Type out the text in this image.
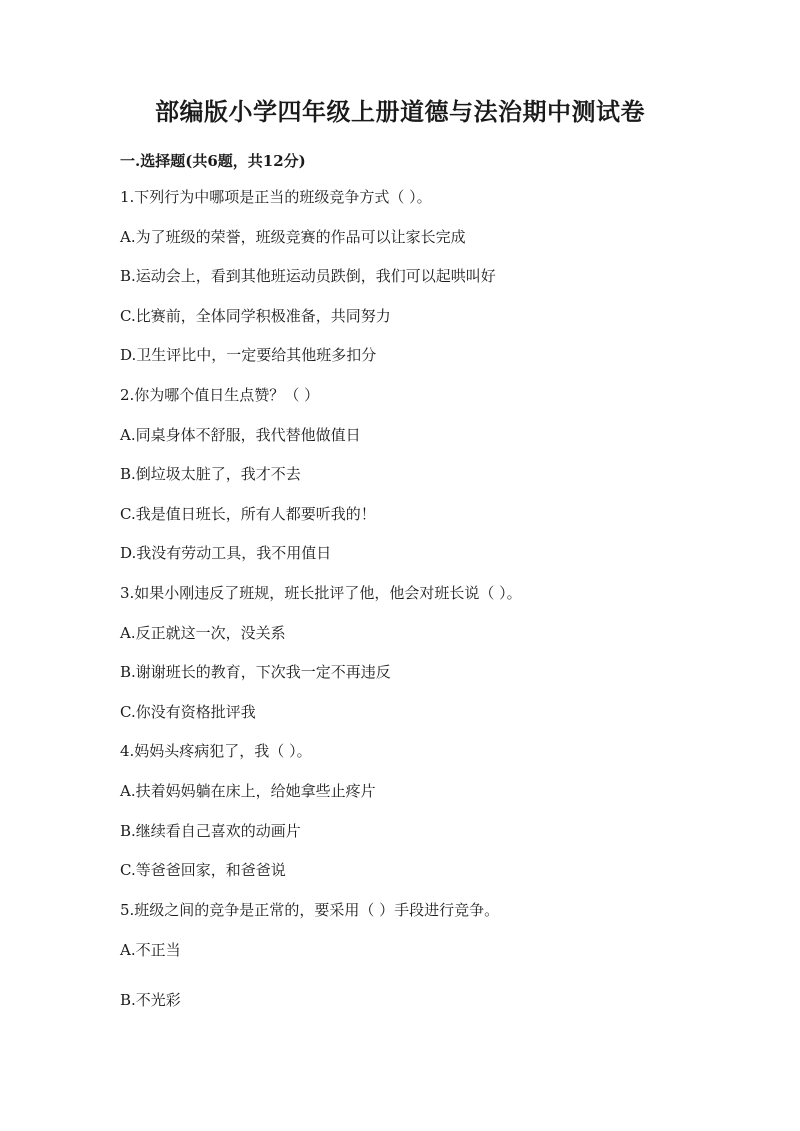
部编版小学四年级上册道德与法治期中测试卷
一.选择题(共6题，共12分)
1.下列行为中哪项是正当的班级竞争方式（ ）。
A.为了班级的荣誉，班级竞赛的作品可以让家长完成
B.运动会上，看到其他班运动员跌倒，我们可以起哄叫好
C.比赛前，全体同学积极准备，共同努力
D.卫生评比中，一定要给其他班多扣分
2.你为哪个值日生点赞？（ ）
A.同桌身体不舒服，我代替他做值日
B.倒垃圾太脏了，我才不去
C.我是值日班长，所有人都要听我的！
D.我没有劳动工具，我不用值日
3.如果小刚违反了班规，班长批评了他，他会对班长说（ ）。
A.反正就这一次，没关系
B.谢谢班长的教育，下次我一定不再违反
C.你没有资格批评我
4.妈妈头疼病犯了，我（ ）。
A.扶着妈妈躺在床上，给她拿些止疼片
B.继续看自己喜欢的动画片
C.等爸爸回家，和爸爸说
5.班级之间的竞争是正常的，要采用（ ）手段进行竞争。
A.不正当
B.不光彩
